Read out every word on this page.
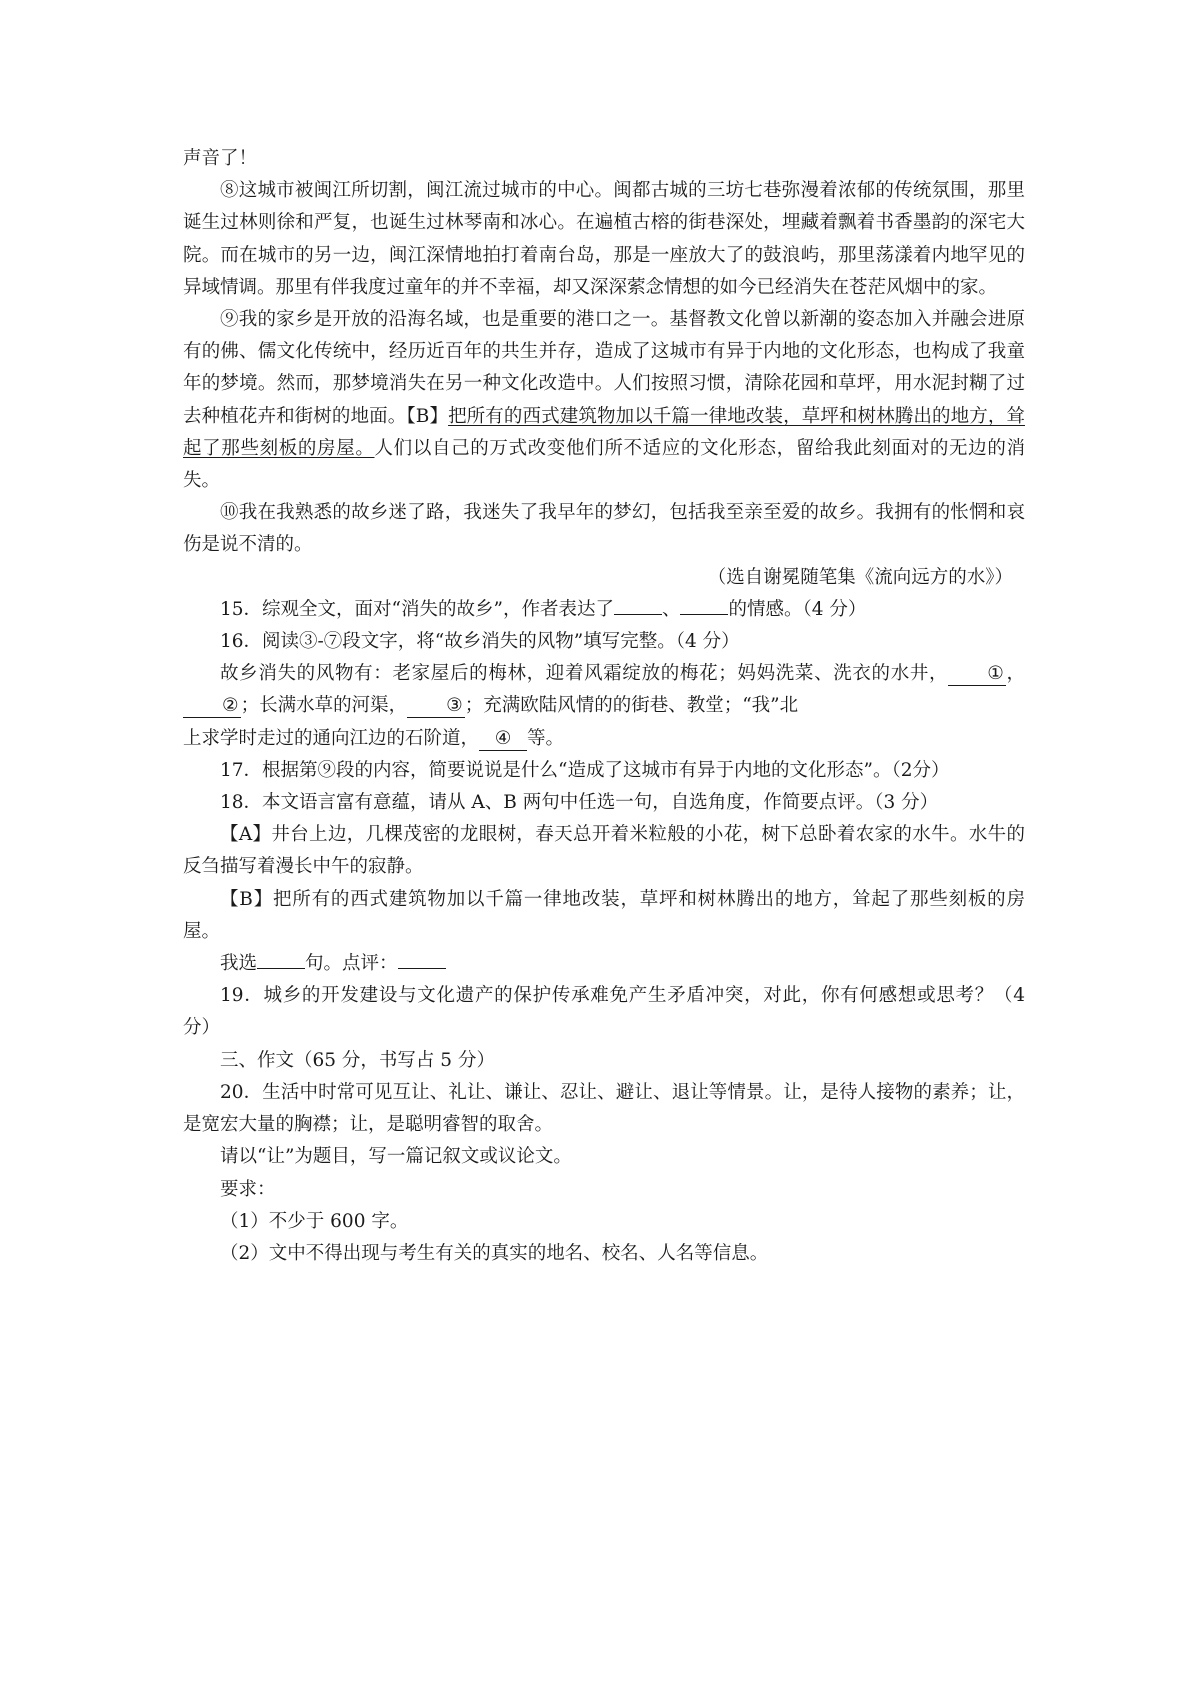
声音了！

⑧这城市被闽江所切割，闽江流过城市的中心。闽都古城的三坊七巷弥漫着浓郁的传统氛围，那里诞生过林则徐和严复，也诞生过林琴南和冰心。在遍植古榕的街巷深处，埋藏着飘着书香墨韵的深宅大院。而在城市的另一边，闽江深情地拍打着南台岛，那是一座放大了的鼓浪屿，那里荡漾着内地罕见的异域情调。那里有伴我度过童年的并不幸福，却又深深萦念情想的如今已经消失在苍茫风烟中的家。

⑨我的家乡是开放的沿海名域，也是重要的港口之一。基督教文化曾以新潮的姿态加入并融会进原有的佛、儒文化传统中，经历近百年的共生并存，造成了这城市有异于内地的文化形态，也构成了我童年的梦境。然而，那梦境消失在另一种文化改造中。人们按照习惯，清除花园和草坪，用水泥封糊了过去种植花卉和街树的地面。【B】把所有的西式建筑物加以千篇一律地改装，草坪和树林腾出的地方，耸起了那些刻板的房屋。人们以自己的万式改变他们所不适应的文化形态，留给我此刻面对的无边的消失。

⑩我在我熟悉的故乡迷了路，我迷失了我早年的梦幻，包括我至亲至爱的故乡。我拥有的怅惘和哀伤是说不清的。

（选自谢冕随笔集《流向远方的水》）

15．综观全文，面对“消失的故乡”，作者表达了	、	的情感。（4 分）

16．阅读③-⑦段文字，将“故乡消失的风物”填写完整。（4 分）

故乡消失的风物有：老家屋后的梅林，迎着风霜绽放的梅花；妈妈洗菜、洗衣的水井， ① ，② ；长满水草的河渠， ③ ；充满欧陆风情的的街巷、教堂；“我”北

上求学时走过的通向江边的石阶道， ④ 等。

17．根据第⑨段的内容，简要说说是什么“造成了这城市有异于内地的文化形态”。（2分）

18．本文语言富有意蕴，请从 A、B 两句中任选一句，自选角度，作简要点评。（3 分）

【A】井台上边，几棵茂密的龙眼树，春天总开着米粒般的小花，树下总卧着农家的水牛。水牛的反刍描写着漫长中午的寂静。

【B】把所有的西式建筑物加以千篇一律地改装，草坪和树林腾出的地方，耸起了那些刻板的房屋。

我选	句。点评：

19．城乡的开发建设与文化遗产的保护传承难免产生矛盾冲突，对此，你有何感想或思考？（4 分）

三、作文（65 分，书写占 5 分）

20．生活中时常可见互让、礼让、谦让、忍让、避让、退让等情景。让，是待人接物的素养；让，是宽宏大量的胸襟；让，是聪明睿智的取舍。

请以“让”为题目，写一篇记叙文或议论文。

要求：

（1）不少于 600 字。

（2）文中不得出现与考生有关的真实的地名、校名、人名等信息。
